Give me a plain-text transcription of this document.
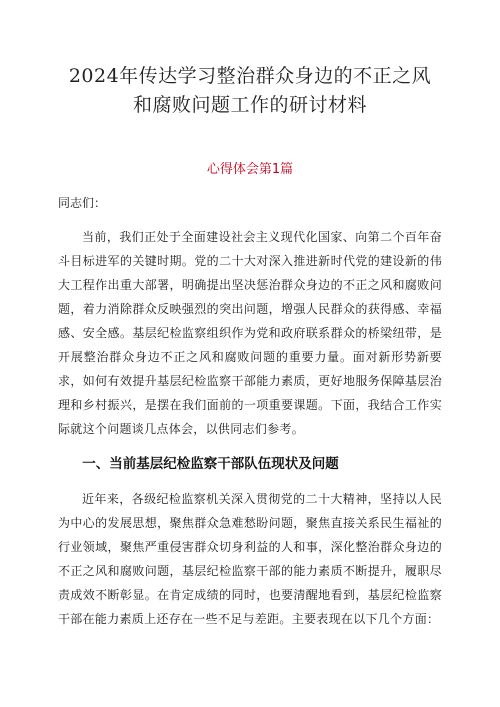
2024年传达学习整治群众身边的不正之风
和腐败问题工作的研讨材料

心得体会第1篇

同志们：

当前，我们正处于全面建设社会主义现代化国家、向第二个百年奋斗目标进军的关键时期。党的二十大对深入推进新时代党的建设新的伟大工程作出重大部署，明确提出坚决惩治群众身边的不正之风和腐败问题，着力消除群众反映强烈的突出问题，增强人民群众的获得感、幸福感、安全感。基层纪检监察组织作为党和政府联系群众的桥梁纽带，是开展整治群众身边不正之风和腐败问题的重要力量。面对新形势新要求，如何有效提升基层纪检监察干部能力素质，更好地服务保障基层治理和乡村振兴，是摆在我们面前的一项重要课题。下面，我结合工作实际就这个问题谈几点体会，以供同志们参考。

一、当前基层纪检监察干部队伍现状及问题

近年来，各级纪检监察机关深入贯彻党的二十大精神，坚持以人民为中心的发展思想，聚焦群众急难愁盼问题，聚焦直接关系民生福祉的行业领域，聚焦严重侵害群众切身利益的人和事，深化整治群众身边的不正之风和腐败问题，基层纪检监察干部的能力素质不断提升，履职尽责成效不断彰显。在肯定成绩的同时，也要清醒地看到，基层纪检监察干部在能力素质上还存在一些不足与差距。主要表现在以下几个方面：
